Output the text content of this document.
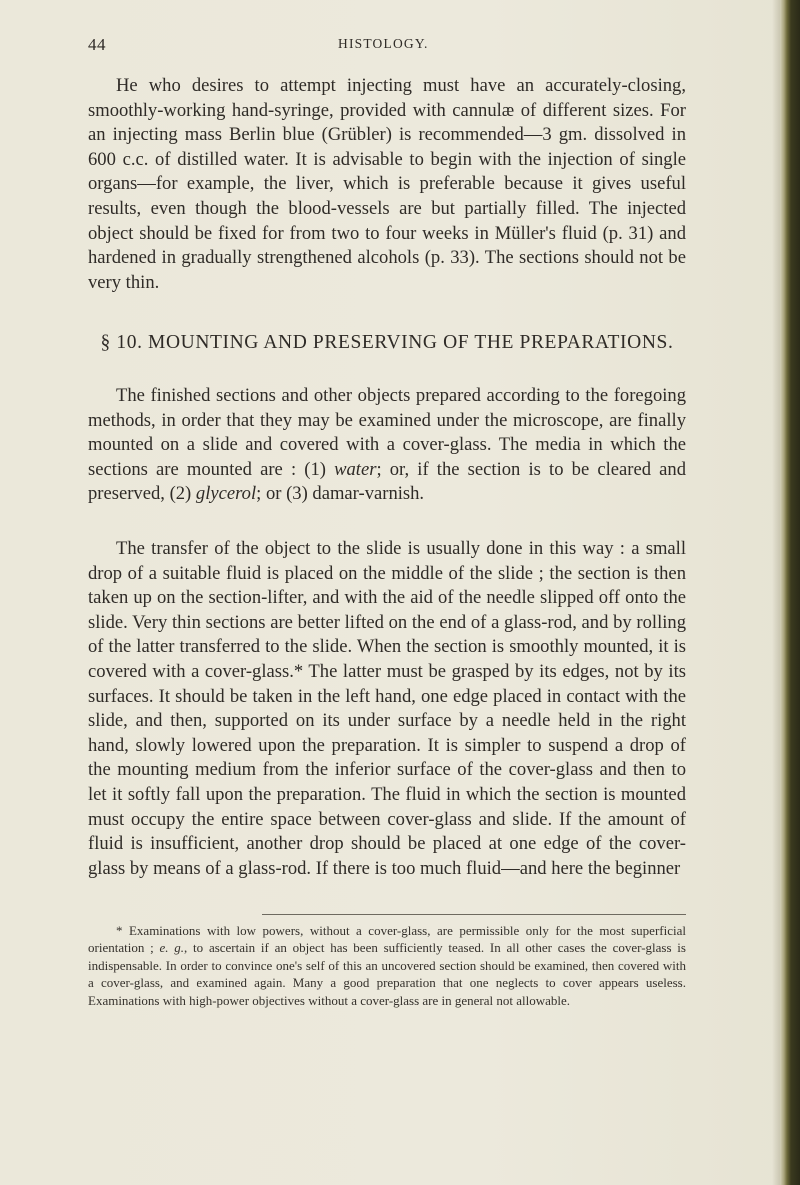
44	HISTOLOGY.

He who desires to attempt injecting must have an accurately-closing, smoothly-working hand-syringe, provided with cannulæ of different sizes. For an injecting mass Berlin blue (Grübler) is recommended—3 gm. dissolved in 600 c.c. of distilled water. It is advisable to begin with the injection of single organs—for example, the liver, which is preferable because it gives useful results, even though the blood-vessels are but partially filled. The injected object should be fixed for from two to four weeks in Müller's fluid (p. 31) and hardened in gradually strengthened alcohols (p. 33). The sections should not be very thin.

§ 10. MOUNTING AND PRESERVING OF THE PREPARATIONS.

The finished sections and other objects prepared according to the foregoing methods, in order that they may be examined under the microscope, are finally mounted on a slide and covered with a cover-glass. The media in which the sections are mounted are : (1) water; or, if the section is to be cleared and preserved, (2) glycerol; or (3) damar-varnish.

The transfer of the object to the slide is usually done in this way : a small drop of a suitable fluid is placed on the middle of the slide ; the section is then taken up on the section-lifter, and with the aid of the needle slipped off onto the slide. Very thin sections are better lifted on the end of a glass-rod, and by rolling of the latter transferred to the slide. When the section is smoothly mounted, it is covered with a cover-glass.* The latter must be grasped by its edges, not by its surfaces. It should be taken in the left hand, one edge placed in contact with the slide, and then, supported on its under surface by a needle held in the right hand, slowly lowered upon the preparation. It is simpler to suspend a drop of the mounting medium from the inferior surface of the cover-glass and then to let it softly fall upon the preparation. The fluid in which the section is mounted must occupy the entire space between cover-glass and slide. If the amount of fluid is insufficient, another drop should be placed at one edge of the cover-glass by means of a glass-rod. If there is too much fluid—and here the beginner

* Examinations with low powers, without a cover-glass, are permissible only for the most superficial orientation ; e. g., to ascertain if an object has been sufficiently teased. In all other cases the cover-glass is indispensable. In order to convince one's self of this an uncovered section should be examined, then covered with a cover-glass, and examined again. Many a good preparation that one neglects to cover appears useless. Examinations with high-power objectives without a cover-glass are in general not allowable.
